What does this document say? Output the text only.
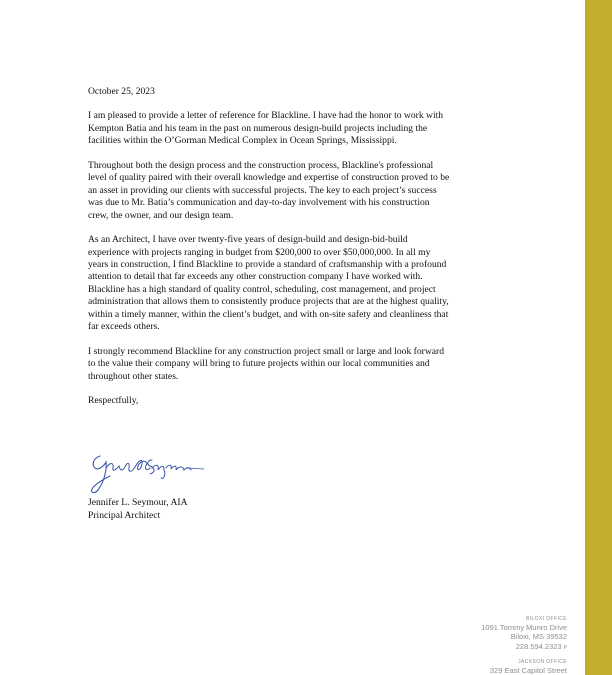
October 25, 2023

I am pleased to provide a letter of reference for Blackline. I have had the honor to work with Kempton Batia and his team in the past on numerous design-build projects including the facilities within the O’Gorman Medical Complex in Ocean Springs, Mississippi.

Throughout both the design process and the construction process, Blackline's professional level of quality paired with their overall knowledge and expertise of construction proved to be an asset in providing our clients with successful projects. The key to each project’s success was due to Mr. Batia’s communication and day-to-day involvement with his construction crew, the owner, and our design team.

As an Architect, I have over twenty-five years of design-build and design-bid-build experience with projects ranging in budget from $200,000 to over $50,000,000. In all my years in construction, I find Blackline to provide a standard of craftsmanship with a profound attention to detail that far exceeds any other construction company I have worked with. Blackline has a high standard of quality control, scheduling, cost management, and project administration that allows them to consistently produce projects that are at the highest quality, within a timely manner, within the client’s budget, and with on-site safety and cleanliness that far exceeds others.

I strongly recommend Blackline for any construction project small or large and look forward to the value their company will bring to future projects within our local communities and throughout other states.

Respectfully,

Jennifer L. Seymour, AIA
Principal Architect
BILOXI OFFICE
1091 Tommy Munro Drive
Biloxi, MS 39532
228.594.2323 P
JACKSON OFFICE
329 East Capitol Street
